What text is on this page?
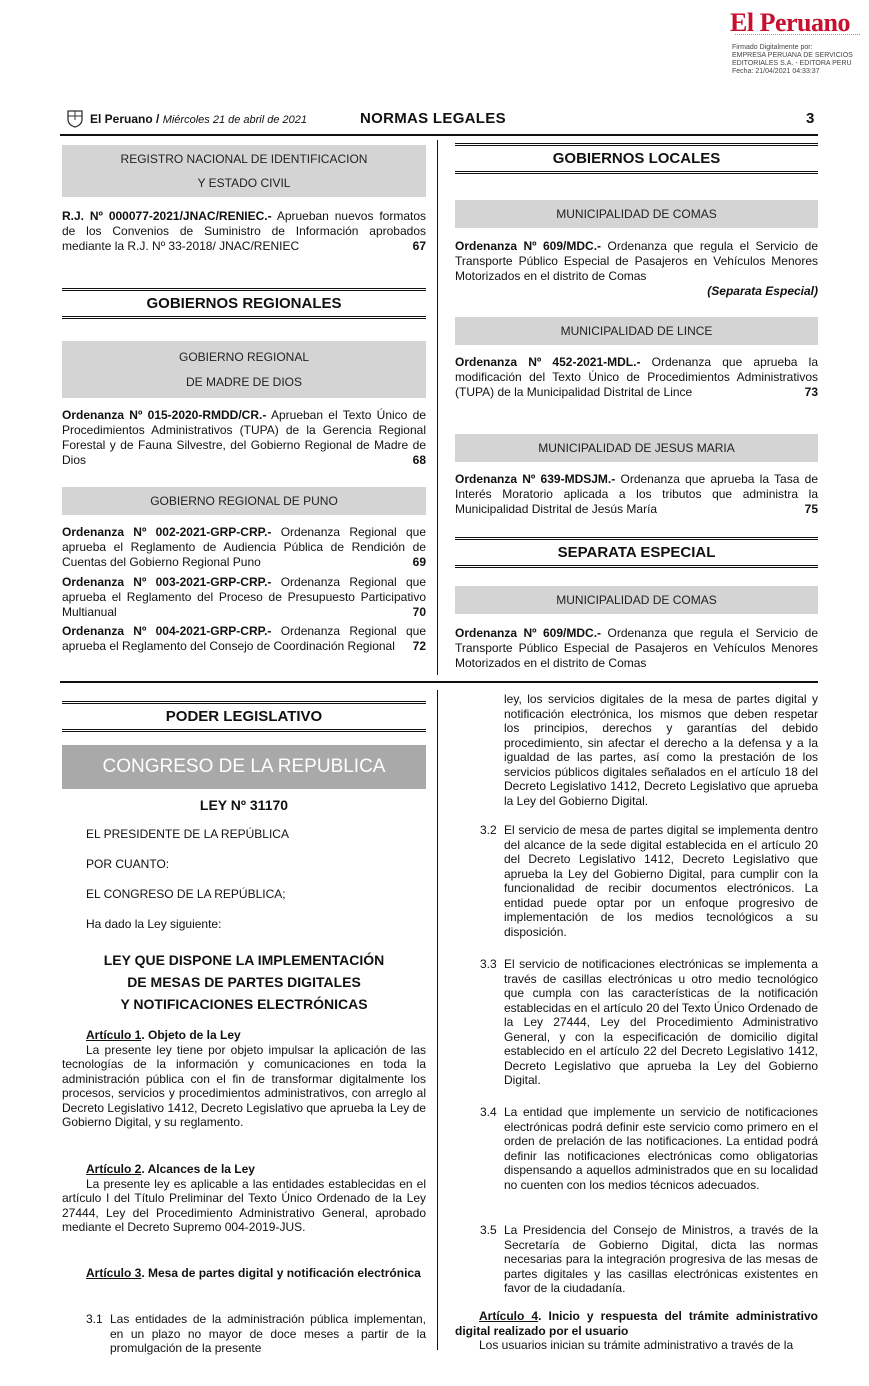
El Peruano
Firmado Digitalmente por:
EMPRESA PERUANA DE SERVICIOS
EDITORIALES S.A. - EDITORA PERU
Fecha: 21/04/2021 04:33:37
El Peruano / Miércoles 21 de abril de 2021	NORMAS LEGALES	3
REGISTRO NACIONAL DE IDENTIFICACION
Y ESTADO CIVIL
R.J. Nº 000077-2021/JNAC/RENIEC.- Aprueban nuevos formatos de los Convenios de Suministro de Información aprobados mediante la R.J. Nº 33-2018/ JNAC/RENIEC	67
GOBIERNOS REGIONALES
GOBIERNO REGIONAL
DE MADRE DE DIOS
Ordenanza Nº 015-2020-RMDD/CR.- Aprueban el Texto Único de Procedimientos Administrativos (TUPA) de la Gerencia Regional Forestal y de Fauna Silvestre, del Gobierno Regional de Madre de Dios	68
GOBIERNO REGIONAL DE PUNO
Ordenanza Nº 002-2021-GRP-CRP.- Ordenanza Regional que aprueba el Reglamento de Audiencia Pública de Rendición de Cuentas del Gobierno Regional Puno	69
Ordenanza Nº 003-2021-GRP-CRP.- Ordenanza Regional que aprueba el Reglamento del Proceso de Presupuesto Participativo Multianual	70
Ordenanza Nº 004-2021-GRP-CRP.- Ordenanza Regional que aprueba el Reglamento del Consejo de Coordinación Regional 72
GOBIERNOS LOCALES
MUNICIPALIDAD DE COMAS
Ordenanza Nº 609/MDC.- Ordenanza que regula el Servicio de Transporte Público Especial de Pasajeros en Vehículos Menores Motorizados en el distrito de Comas
(Separata Especial)
MUNICIPALIDAD DE LINCE
Ordenanza Nº 452-2021-MDL.- Ordenanza que aprueba la modificación del Texto Único de Procedimientos Administrativos (TUPA) de la Municipalidad Distrital de Lince	73
MUNICIPALIDAD DE JESUS MARIA
Ordenanza Nº 639-MDSJM.- Ordenanza que aprueba la Tasa de Interés Moratorio aplicada a los tributos que administra la Municipalidad Distrital de Jesús María	75
SEPARATA ESPECIAL
MUNICIPALIDAD DE COMAS
Ordenanza Nº 609/MDC.- Ordenanza que regula el Servicio de Transporte Público Especial de Pasajeros en Vehículos Menores Motorizados en el distrito de Comas
PODER LEGISLATIVO
CONGRESO DE LA REPUBLICA
LEY Nº 31170
EL PRESIDENTE DE LA REPÚBLICA
POR CUANTO:
EL CONGRESO DE LA REPÚBLICA;
Ha dado la Ley siguiente:
LEY QUE DISPONE LA IMPLEMENTACIÓN
DE MESAS DE PARTES DIGITALES
Y NOTIFICACIONES ELECTRÓNICAS
Artículo 1. Objeto de la Ley
La presente ley tiene por objeto impulsar la aplicación de las tecnologías de la información y comunicaciones en toda la administración pública con el fin de transformar digitalmente los procesos, servicios y procedimientos administrativos, con arreglo al Decreto Legislativo 1412, Decreto Legislativo que aprueba la Ley de Gobierno Digital, y su reglamento.
Artículo 2. Alcances de la Ley
La presente ley es aplicable a las entidades establecidas en el artículo I del Título Preliminar del Texto Único Ordenado de la Ley 27444, Ley del Procedimiento Administrativo General, aprobado mediante el Decreto Supremo 004-2019-JUS.
Artículo 3. Mesa de partes digital y notificación electrónica
3.1 Las entidades de la administración pública implementan, en un plazo no mayor de doce meses a partir de la promulgación de la presente
ley, los servicios digitales de la mesa de partes digital y notificación electrónica, los mismos que deben respetar los principios, derechos y garantías del debido procedimiento, sin afectar el derecho a la defensa y a la igualdad de las partes, así como la prestación de los servicios públicos digitales señalados en el artículo 18 del Decreto Legislativo 1412, Decreto Legislativo que aprueba la Ley del Gobierno Digital.
3.2 El servicio de mesa de partes digital se implementa dentro del alcance de la sede digital establecida en el artículo 20 del Decreto Legislativo 1412, Decreto Legislativo que aprueba la Ley del Gobierno Digital, para cumplir con la funcionalidad de recibir documentos electrónicos. La entidad puede optar por un enfoque progresivo de implementación de los medios tecnológicos a su disposición.
3.3 El servicio de notificaciones electrónicas se implementa a través de casillas electrónicas u otro medio tecnológico que cumpla con las características de la notificación establecidas en el artículo 20 del Texto Único Ordenado de la Ley 27444, Ley del Procedimiento Administrativo General, y con la especificación de domicilio digital establecido en el artículo 22 del Decreto Legislativo 1412, Decreto Legislativo que aprueba la Ley del Gobierno Digital.
3.4 La entidad que implemente un servicio de notificaciones electrónicas podrá definir este servicio como primero en el orden de prelación de las notificaciones. La entidad podrá definir las notificaciones electrónicas como obligatorias dispensando a aquellos administrados que en su localidad no cuenten con los medios técnicos adecuados.
3.5 La Presidencia del Consejo de Ministros, a través de la Secretaría de Gobierno Digital, dicta las normas necesarias para la integración progresiva de las mesas de partes digitales y las casillas electrónicas existentes en favor de la ciudadanía.
Artículo 4. Inicio y respuesta del trámite administrativo digital realizado por el usuario
Los usuarios inician su trámite administrativo a través de la
